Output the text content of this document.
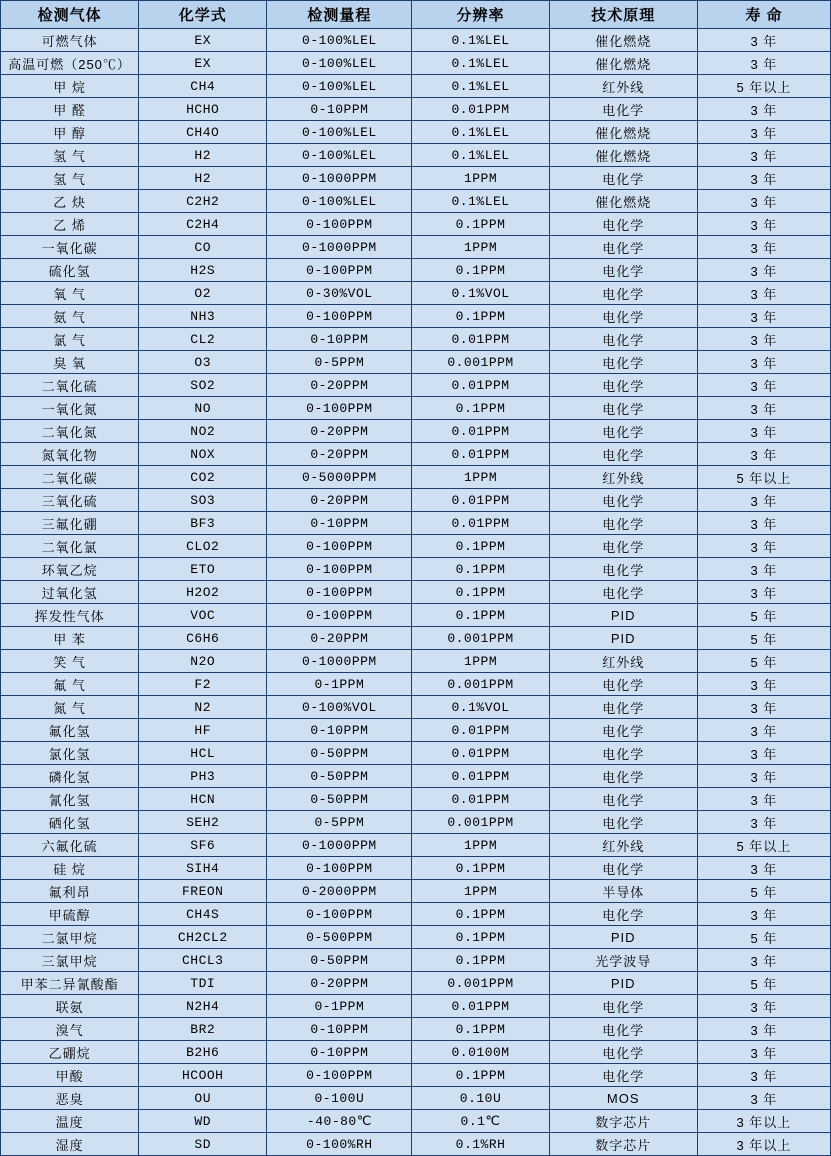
检测气体	化学式	检测量程	分辨率	技术原理	寿 命
可燃气体	EX	0-100%LEL	0.1%LEL	催化燃烧	3 年
高温可燃（250℃）	EX	0-100%LEL	0.1%LEL	催化燃烧	3 年
甲 烷	CH4	0-100%LEL	0.1%LEL	红外线	5 年以上
甲 醛	HCHO	0-10PPM	0.01PPM	电化学	3 年
甲 醇	CH4O	0-100%LEL	0.1%LEL	催化燃烧	3 年
氢 气	H2	0-100%LEL	0.1%LEL	催化燃烧	3 年
氢 气	H2	0-1000PPM	1PPM	电化学	3 年
乙 炔	C2H2	0-100%LEL	0.1%LEL	催化燃烧	3 年
乙 烯	C2H4	0-100PPM	0.1PPM	电化学	3 年
一氧化碳	CO	0-1000PPM	1PPM	电化学	3 年
硫化氢	H2S	0-100PPM	0.1PPM	电化学	3 年
氧 气	O2	0-30%VOL	0.1%VOL	电化学	3 年
氨 气	NH3	0-100PPM	0.1PPM	电化学	3 年
氯 气	CL2	0-10PPM	0.01PPM	电化学	3 年
臭 氧	O3	0-5PPM	0.001PPM	电化学	3 年
二氧化硫	SO2	0-20PPM	0.01PPM	电化学	3 年
一氧化氮	NO	0-100PPM	0.1PPM	电化学	3 年
二氧化氮	NO2	0-20PPM	0.01PPM	电化学	3 年
氮氧化物	NOX	0-20PPM	0.01PPM	电化学	3 年
二氧化碳	CO2	0-5000PPM	1PPM	红外线	5 年以上
三氧化硫	SO3	0-20PPM	0.01PPM	电化学	3 年
三氟化硼	BF3	0-10PPM	0.01PPM	电化学	3 年
二氧化氯	CLO2	0-100PPM	0.1PPM	电化学	3 年
环氧乙烷	ETO	0-100PPM	0.1PPM	电化学	3 年
过氧化氢	H2O2	0-100PPM	0.1PPM	电化学	3 年
挥发性气体	VOC	0-100PPM	0.1PPM	PID	5 年
甲 苯	C6H6	0-20PPM	0.001PPM	PID	5 年
笑 气	N2O	0-1000PPM	1PPM	红外线	5 年
氟 气	F2	0-1PPM	0.001PPM	电化学	3 年
氮 气	N2	0-100%VOL	0.1%VOL	电化学	3 年
氟化氢	HF	0-10PPM	0.01PPM	电化学	3 年
氯化氢	HCL	0-50PPM	0.01PPM	电化学	3 年
磷化氢	PH3	0-50PPM	0.01PPM	电化学	3 年
氰化氢	HCN	0-50PPM	0.01PPM	电化学	3 年
硒化氢	SEH2	0-5PPM	0.001PPM	电化学	3 年
六氟化硫	SF6	0-1000PPM	1PPM	红外线	5 年以上
硅 烷	SIH4	0-100PPM	0.1PPM	电化学	3 年
氟利昂	FREON	0-2000PPM	1PPM	半导体	5 年
甲硫醇	CH4S	0-100PPM	0.1PPM	电化学	3 年
二氯甲烷	CH2CL2	0-500PPM	0.1PPM	PID	5 年
三氯甲烷	CHCL3	0-50PPM	0.1PPM	光学波导	3 年
甲苯二异氰酸酯	TDI	0-20PPM	0.001PPM	PID	5 年
联氨	N2H4	0-1PPM	0.01PPM	电化学	3 年
溴气	BR2	0-10PPM	0.1PPM	电化学	3 年
乙硼烷	B2H6	0-10PPM	0.0100M	电化学	3 年
甲酸	HCOOH	0-100PPM	0.1PPM	电化学	3 年
恶臭	OU	0-100U	0.10U	MOS	3 年
温度	WD	-40-80℃	0.1℃	数字芯片	3 年以上
湿度	SD	0-100%RH	0.1%RH	数字芯片	3 年以上
